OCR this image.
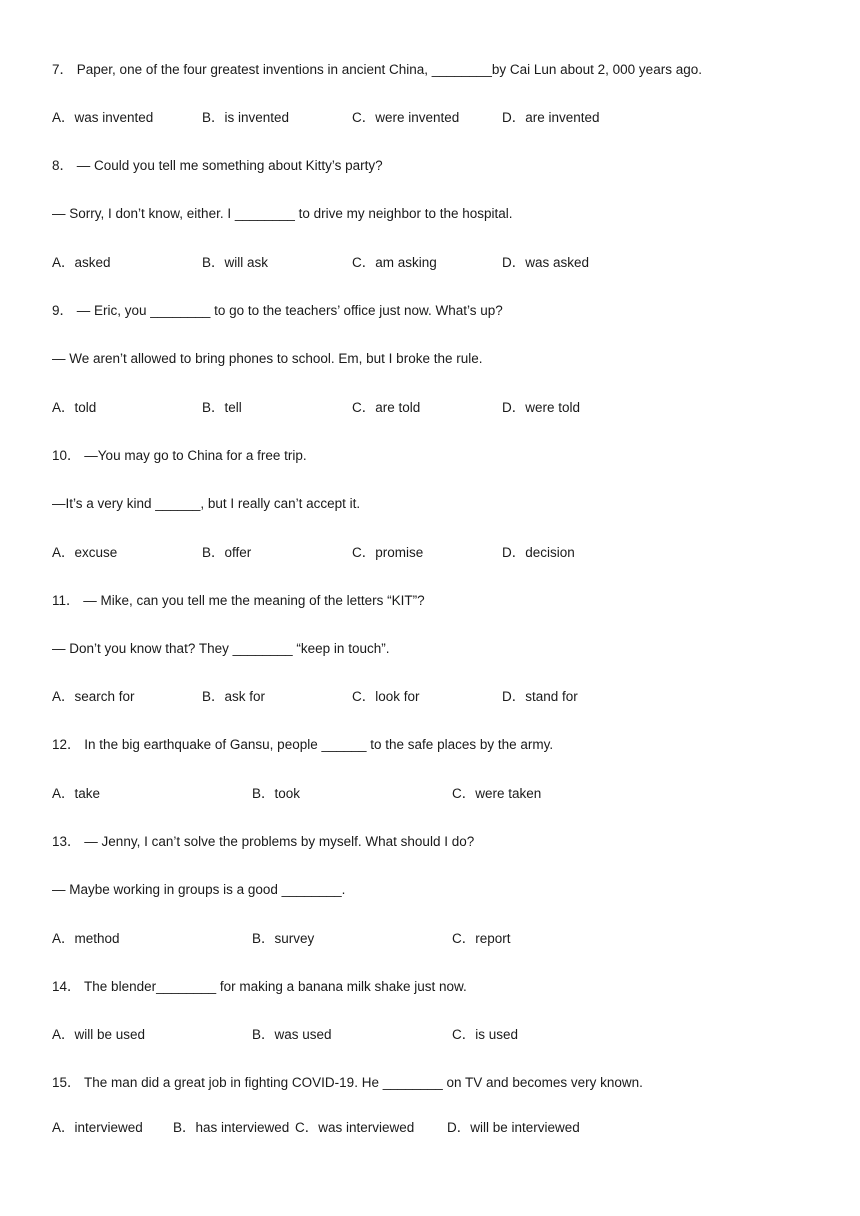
7． Paper, one of the four greatest inventions in ancient China, ________by Cai Lun about 2, 000 years ago.
A．was invented	B．is invented	C．were invented	D．are invented
8． — Could you tell me something about Kitty’s party?
— Sorry, I don’t know, either. I ________ to drive my neighbor to the hospital.
A．asked	B．will ask	C．am asking	D．was asked
9． — Eric, you ________ to go to the teachers’ office just now. What’s up?
— We aren’t allowed to bring phones to school. Em, but I broke the rule.
A．told	B．tell	C．are told	D．were told
10． —You may go to China for a free trip.
—It’s a very kind ______, but I really can’t accept it.
A．excuse	B．offer	C．promise	D．decision
11． — Mike, can you tell me the meaning of the letters “KIT”?
— Don’t you know that? They ________ “keep in touch”.
A．search for	B．ask for	C．look for	D．stand for
12． In the big earthquake of Gansu, people ______ to the safe places by the army.
A．take	B．took	C．were taken
13． — Jenny, I can’t solve the problems by myself. What should I do?
— Maybe working in groups is a good ________.
A．method	B．survey	C．report
14． The blender________ for making a banana milk shake just now.
A．will be used	B．was used	C．is used
15． The man did a great job in fighting COVID-19. He ________ on TV and becomes very known.
A．interviewed B．has interviewed C．was interviewed D．will be interviewed
